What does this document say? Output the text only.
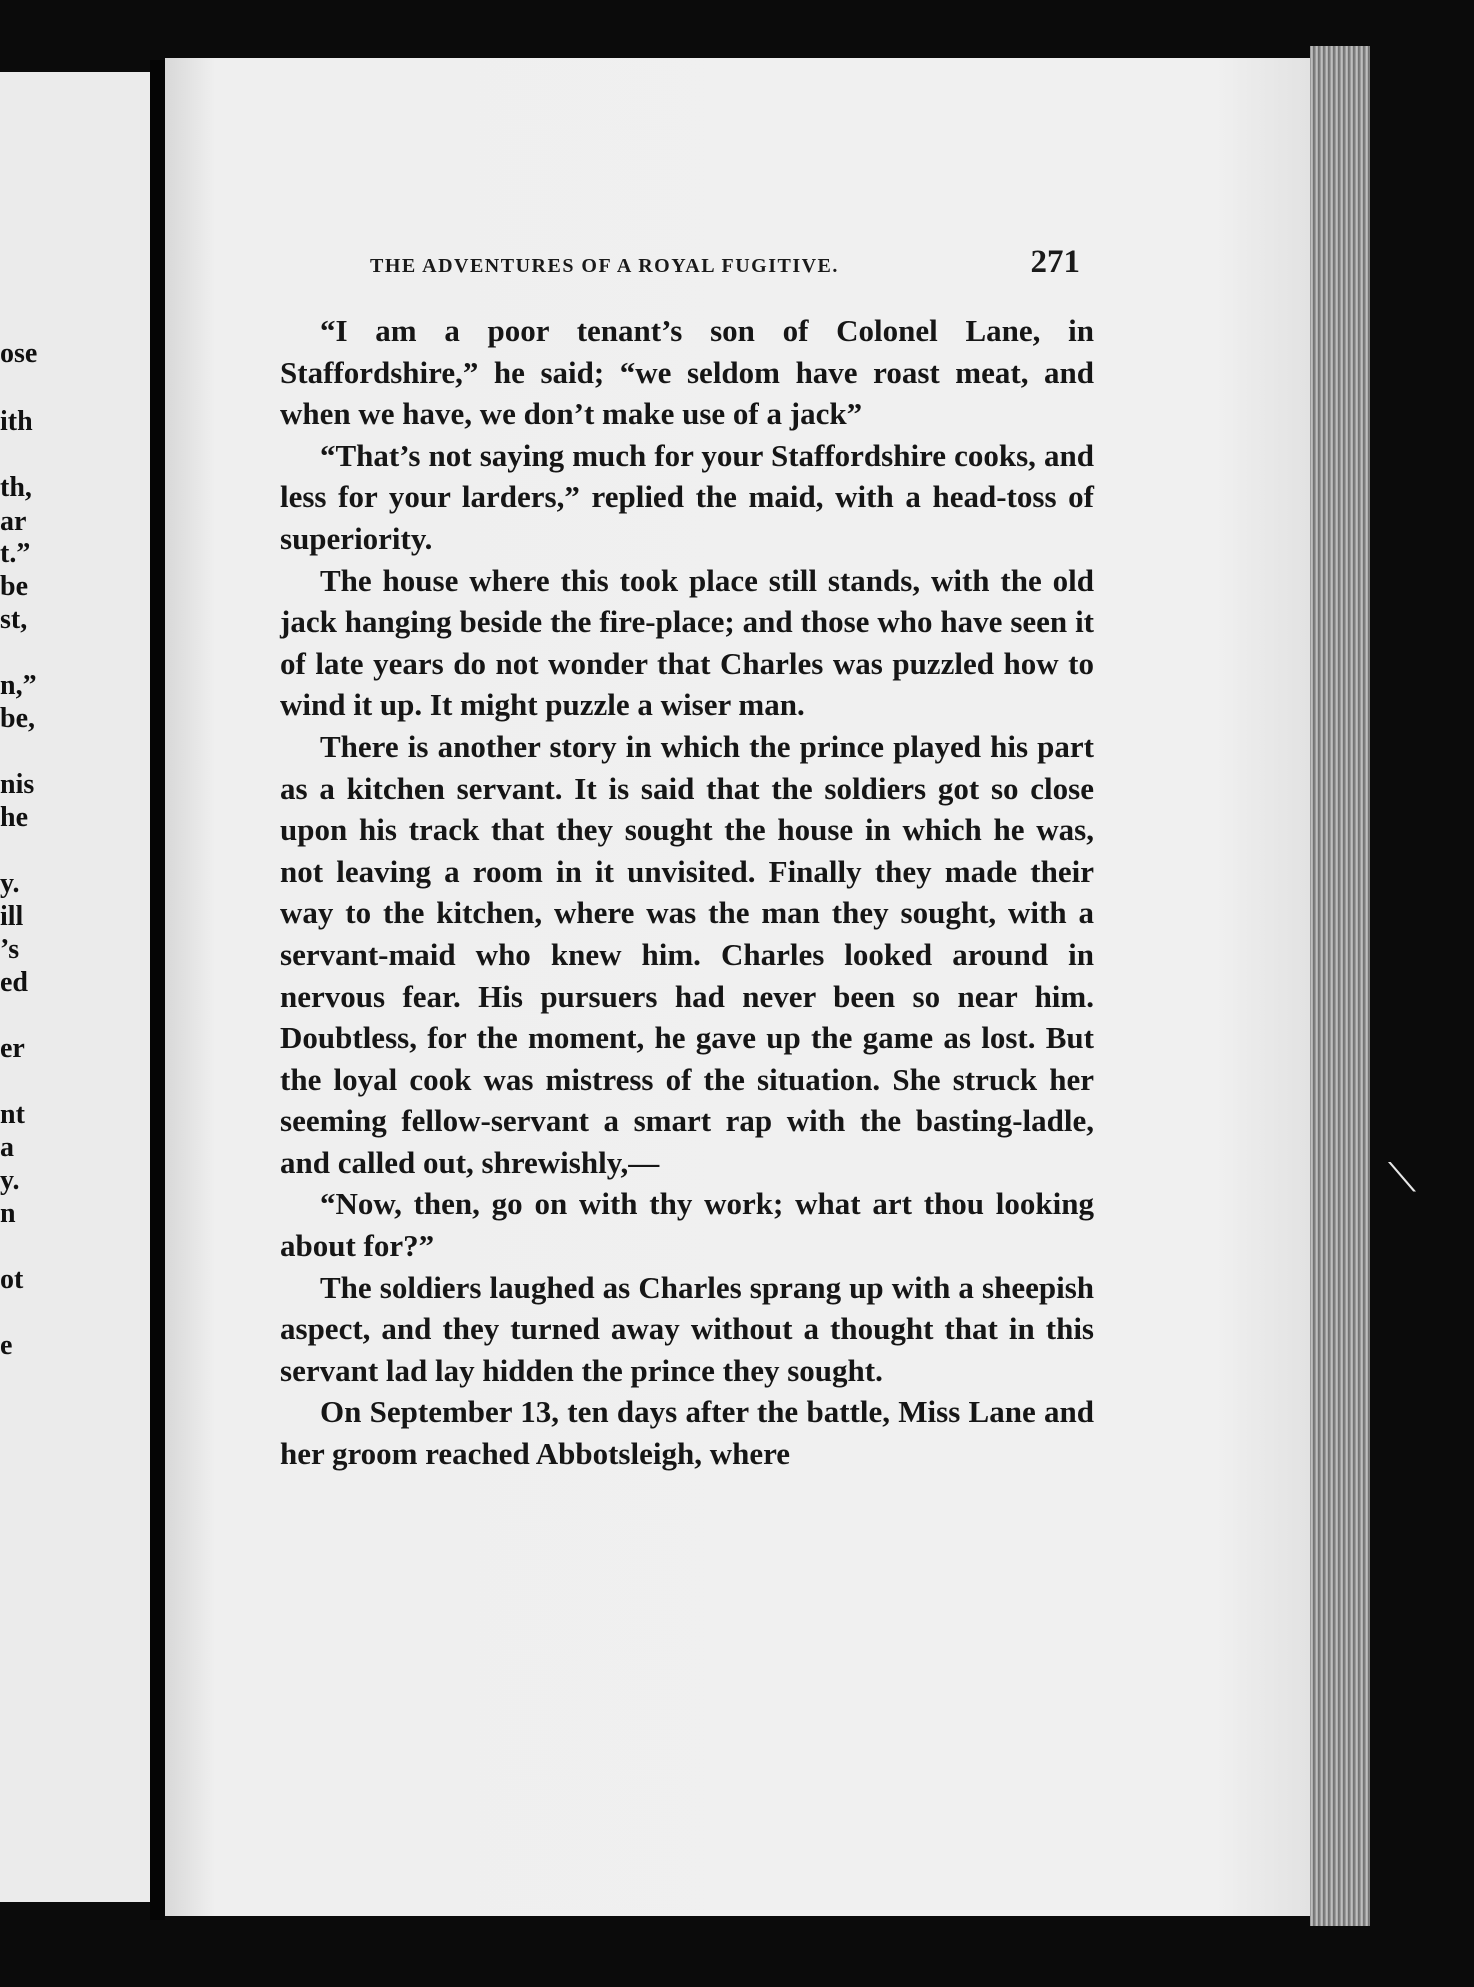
ose
ith
th,
ar
t.”
be
st,
n,”
be,
nis
he
y.
ill
’s
ed
er
nt
a
y.
n
ot
e
THE ADVENTURES OF A ROYAL FUGITIVE.	271

“I am a poor tenant’s son of Colonel Lane, in Staffordshire,” he said; “we seldom have roast meat, and when we have, we don’t make use of a jack”

“That’s not saying much for your Staffordshire cooks, and less for your larders,” replied the maid, with a head-toss of superiority.

The house where this took place still stands, with the old jack hanging beside the fire-place; and those who have seen it of late years do not wonder that Charles was puzzled how to wind it up. It might puzzle a wiser man.

There is another story in which the prince played his part as a kitchen servant. It is said that the soldiers got so close upon his track that they sought the house in which he was, not leaving a room in it unvisited. Finally they made their way to the kitchen, where was the man they sought, with a servant-maid who knew him. Charles looked around in nervous fear. His pursuers had never been so near him. Doubtless, for the moment, he gave up the game as lost. But the loyal cook was mistress of the situation. She struck her seeming fellow-servant a smart rap with the basting-ladle, and called out, shrewishly,—

“Now, then, go on with thy work; what art thou looking about for?”

The soldiers laughed as Charles sprang up with a sheepish aspect, and they turned away without a thought that in this servant lad lay hidden the prince they sought.

On September 13, ten days after the battle, Miss Lane and her groom reached Abbotsleigh, where

⟍
